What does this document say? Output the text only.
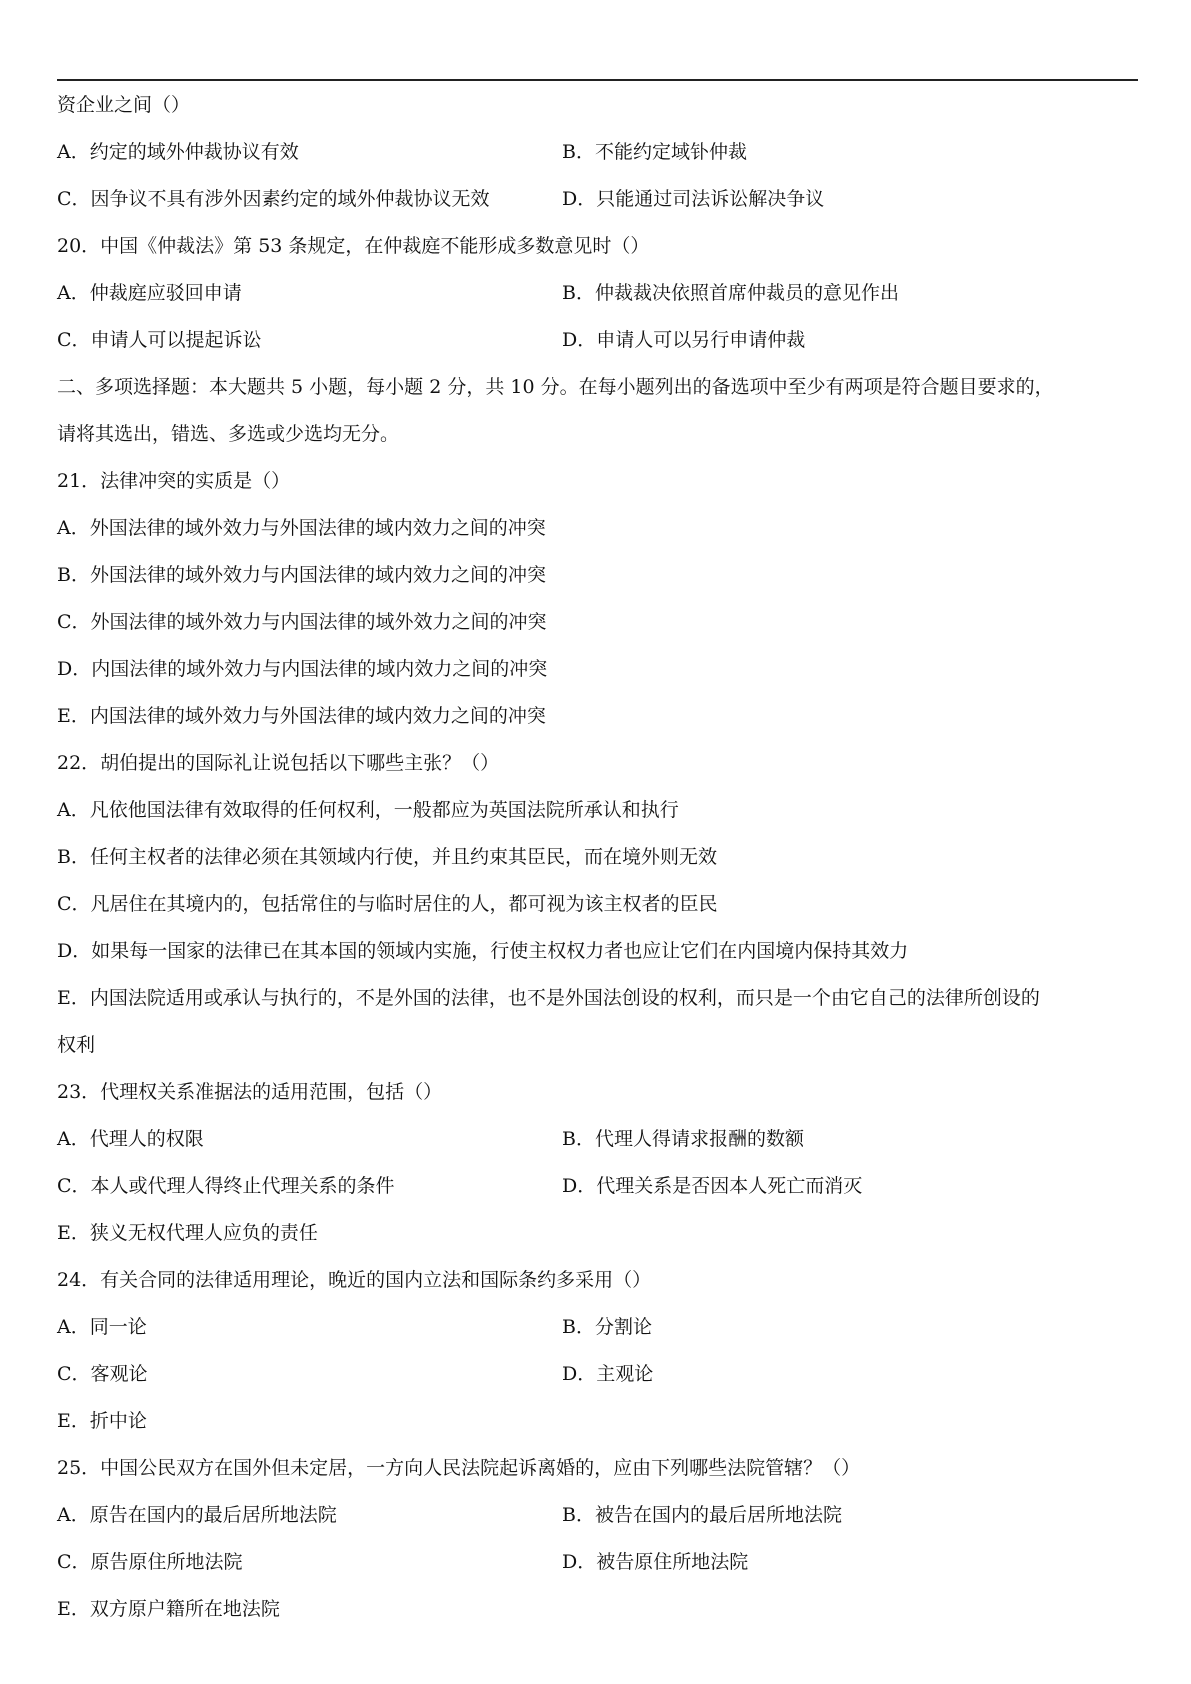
资企业之间（）
A．约定的域外仲裁协议有效	B．不能约定域钋仲裁
C．因争议不具有涉外因素约定的域外仲裁协议无效	D．只能通过司法诉讼解决争议
20．中国《仲裁法》第 53 条规定，在仲裁庭不能形成多数意见时（）
A．仲裁庭应驳回申请	B．仲裁裁决依照首席仲裁员的意见作出
C．申请人可以提起诉讼	D．申请人可以另行申请仲裁
二、多项选择题：本大题共 5 小题，每小题 2 分，共 10 分。在每小题列出的备选项中至少有两项是符合题目要求的，
请将其选出，错选、多选或少选均无分。
21．法律冲突的实质是（）
A．外国法律的域外效力与外国法律的域内效力之间的冲突
B．外国法律的域外效力与内国法律的域内效力之间的冲突
C．外国法律的域外效力与内国法律的域外效力之间的冲突
D．内国法律的域外效力与内国法律的域内效力之间的冲突
E．内国法律的域外效力与外国法律的域内效力之间的冲突
22．胡伯提出的国际礼让说包括以下哪些主张？（）
A．凡依他国法律有效取得的任何权利，一般都应为英国法院所承认和执行
B．任何主权者的法律必须在其领域内行使，并且约束其臣民，而在境外则无效
C．凡居住在其境内的，包括常住的与临时居住的人，都可视为该主权者的臣民
D．如果每一国家的法律已在其本国的领域内实施，行使主权权力者也应让它们在内国境内保持其效力
E．内国法院适用或承认与执行的，不是外国的法律，也不是外国法创设的权利，而只是一个由它自己的法律所创设的
权利
23．代理权关系准据法的适用范围，包括（）
A．代理人的权限	B．代理人得请求报酬的数额
C．本人或代理人得终止代理关系的条件	D．代理关系是否因本人死亡而消灭
E．狭义无权代理人应负的责任
24．有关合同的法律适用理论，晚近的国内立法和国际条约多采用（）
A．同一论	B．分割论
C．客观论	D．主观论
E．折中论
25．中国公民双方在国外但未定居，一方向人民法院起诉离婚的，应由下列哪些法院管辖？（）
A．原告在国内的最后居所地法院	B．被告在国内的最后居所地法院
C．原告原住所地法院	D．被告原住所地法院
E．双方原户籍所在地法院
